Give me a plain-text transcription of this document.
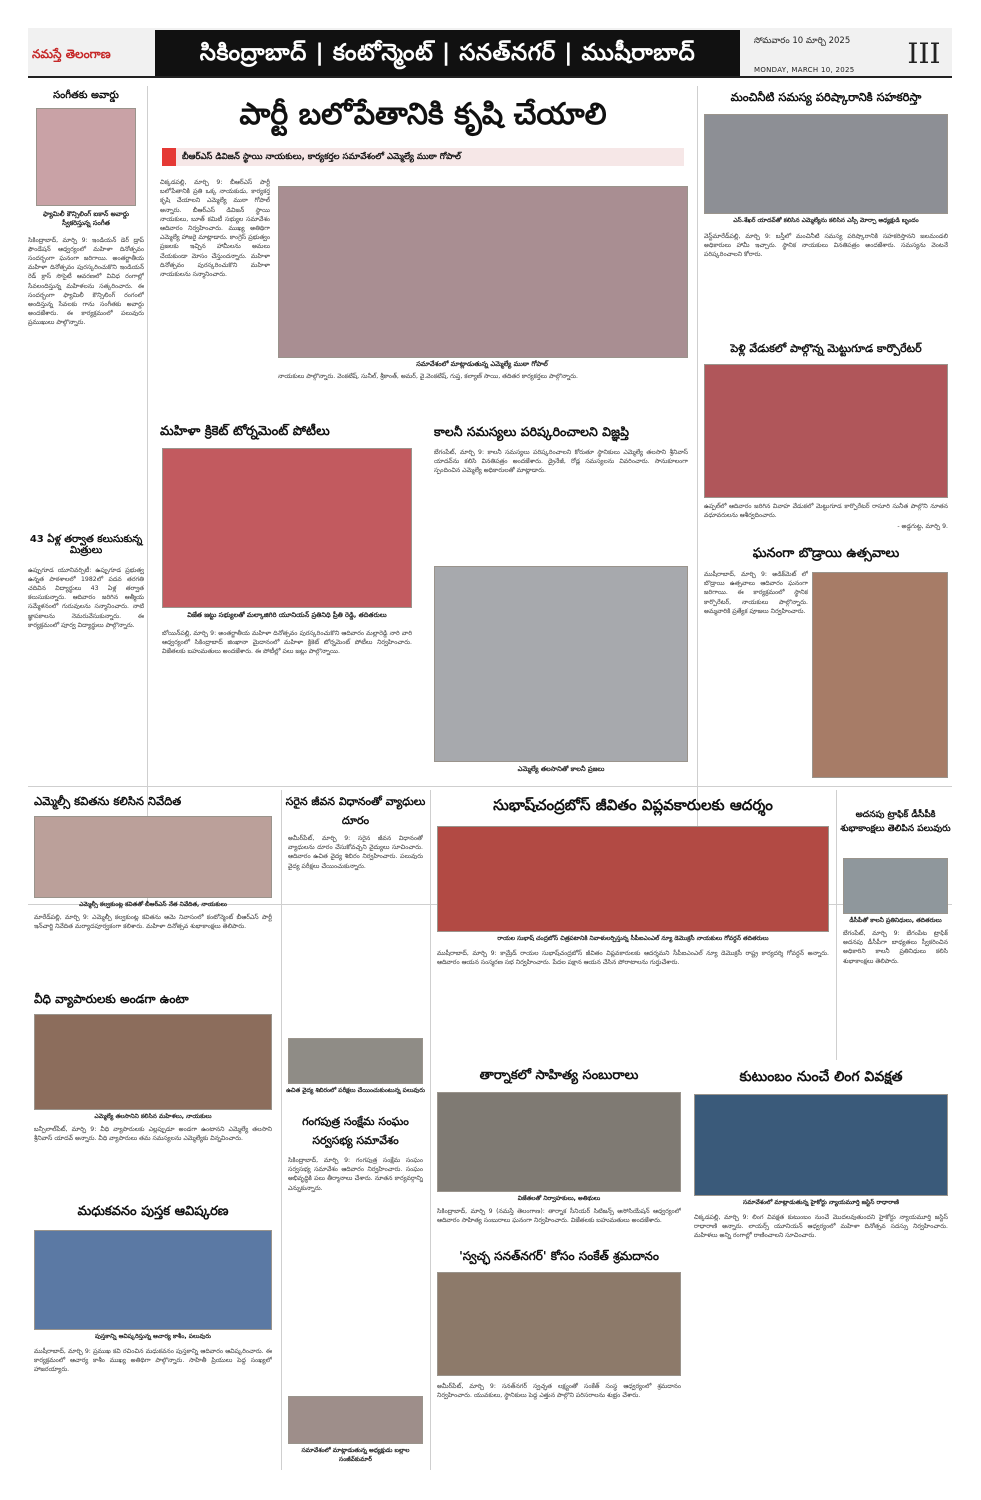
నమస్తే తెలంగాణ	సికింద్రాబాద్ | కంటోన్మెంట్ | సనత్‌నగర్ | ముషీరాబాద్	సోమవారం 10 మార్చి 2025
MONDAY, MARCH 10, 2025	III
సంగీతకు అవార్డు
ఫ్యామిలీ కౌన్సిలింగ్ ఐకాన్ అవార్డు స్వీకరిస్తున్న సంగీత
సికింద్రాబాద్, మార్చి 9: ఇండియన్ డెర్ డ్రాప్ ఫౌండేషన్ ఆధ్వర్యంలో మహిళా దినోత్సవం సందర్భంగా ఘనంగా జరిగాయి. అంతర్జాతీయ మహిళా దినోత్సవం పురస్కరించుకొని ఇండియన్ రెడ్ క్రాస్ సొసైటీ ఆవరణలో వివిధ రంగాల్లో సేవలందిస్తున్న మహిళలను సత్కరించారు. ఈ సందర్భంగా ఫ్యామిలీ కౌన్సిలింగ్ రంగంలో అందిస్తున్న సేవలకు గాను సంగీతకు అవార్డు అందజేశారు. ఈ కార్యక్రమంలో పలువురు ప్రముఖులు పాల్గొన్నారు.
43 ఏళ్ల తర్వాత కలుసుకున్న మిత్రులు
ఉప్పుగూడ యూనివర్సిటీ: ఉప్పుగూడ ప్రభుత్వ ఉన్నత పాఠశాలలో 1982లో పదవ తరగతి చదివిన విద్యార్థులు 43 ఏళ్ల తర్వాత కలుసుకున్నారు. ఆదివారం జరిగిన ఆత్మీయ సమ్మేళనంలో గురువులను సన్మానించారు. నాటి జ్ఞాపకాలను నెమరువేసుకున్నారు. ఈ కార్యక్రమంలో పూర్వ విద్యార్థులు పాల్గొన్నారు.
పార్టీ బలోపేతానికి కృషి చేయాలి
బీఆర్‌ఎస్ డివిజన్ స్థాయి నాయకులు, కార్యకర్తల సమావేశంలో ఎమ్మెల్యే ముఠా గోపాల్
చిక్కడపల్లి, మార్చి 9: బీఆర్‌ఎస్ పార్టీ బలోపేతానికి ప్రతి ఒక్క నాయకుడు, కార్యకర్త కృషి చేయాలని ఎమ్మెల్యే ముఠా గోపాల్ అన్నారు. బీఆర్‌ఎస్ డివిజన్ స్థాయి నాయకులు, బూత్ కమిటీ సభ్యుల సమావేశం ఆదివారం నిర్వహించారు. ముఖ్య అతిథిగా ఎమ్మెల్యే హాజరై మాట్లాడారు. కాంగ్రెస్ ప్రభుత్వం ప్రజలకు ఇచ్చిన హామీలను అమలు చేయకుండా మోసం చేస్తుందన్నారు. మహిళా దినోత్సవం పురస్కరించుకొని మహిళా నాయకులను సన్మానించారు.
సమావేశంలో మాట్లాడుతున్న ఎమ్మెల్యే ముఠా గోపాల్
నాయకులు పాల్గొన్నారు. వెంకటేష్, సునీల్, శ్రీకాంత్, అమర్, వై.వెంకటేష్, గుప్త, కల్యాణ్ సాయి, తదితర కార్యకర్తలు పాల్గొన్నారు.
మహిళా క్రికెట్ టోర్నమెంట్ పోటీలు
విజేత జట్టు సభ్యులతో మల్కాజిగిరి యూనియన్ ప్రతినిధి ప్రీతి రెడ్డి, తదితరులు
బోయిన్‌పల్లి, మార్చి 9: అంతర్జాతీయ మహిళా దినోత్సవం పురస్కరించుకొని ఆదివారం మల్లారెడ్డి నారి వారి ఆధ్వర్యంలో సికింద్రాబాద్ జింఖానా మైదానంలో మహిళా క్రికెట్ టోర్నమెంట్ పోటీలు నిర్వహించారు. విజేతలకు బహుమతులు అందజేశారు. ఈ పోటీల్లో పలు జట్లు పాల్గొన్నాయి.
కాలనీ సమస్యలు పరిష్కరించాలని విజ్ఞప్తి
బేగంపేట్, మార్చి 9: కాలనీ సమస్యలు పరిష్కరించాలని కోరుతూ స్థానికులు ఎమ్మెల్యే తలసాని శ్రీనివాస్ యాదవ్‌ను కలిసి వినతిపత్రం అందజేశారు. డ్రైనేజీ, రోడ్ల సమస్యలను వివరించారు. సానుకూలంగా స్పందించిన ఎమ్మెల్యే అధికారులతో మాట్లాడారు.
ఎమ్మెల్యే తలసానితో కాలనీ ప్రజలు
మంచినీటి సమస్య పరిష్కారానికి సహకరిస్తా
ఎస్.శేఖర్ యాదవ్‌తో కలిసిన ఎమ్మెల్యేను కలిసిన ఎస్సీ మోర్చా అధ్యక్షుడి బృందం
వెస్ట్‌మారేడ్‌పల్లి, మార్చి 9: బస్తీలో మంచినీటి సమస్య పరిష్కారానికి సహకరిస్తానని జలమండలి అధికారులు హామీ ఇచ్చారు. స్థానిక నాయకులు వినతిపత్రం అందజేశారు. సమస్యను వెంటనే పరిష్కరించాలని కోరారు.
పెళ్లి వేడుకలో పాల్గొన్న మెట్టుగూడ కార్పొరేటర్
ఉప్పల్‌లో ఆదివారం జరిగిన వివాహ వేడుకలో మెట్టుగూడ కార్పొరేటర్ రాసూరి సునీత పాల్గొని నూతన వధూవరులను ఆశీర్వదించారు.
- అడ్డగుట్ట, మార్చి 9.
ఘనంగా బొడ్రాయి ఉత్సవాలు
ముషీరాబాద్, మార్చి 9: అడిక్‌మెట్ లో బొడ్రాయి ఉత్సవాలు ఆదివారం ఘనంగా జరిగాయి. ఈ కార్యక్రమంలో స్థానిక కార్పొరేటర్, నాయకులు పాల్గొన్నారు. అమ్మవారికి ప్రత్యేక పూజలు నిర్వహించారు.
ఎమ్మెల్సీ కవితను కలిసిన నివేదిత
ఎమ్మెల్సీ కల్వకుంట్ల కవితతో బీఆర్‌ఎస్ నేత నివేదిత, నాయకులు
మారేడ్‌పల్లి, మార్చి 9: ఎమ్మెల్సీ కల్వకుంట్ల కవితను ఆమె నివాసంలో కంటోన్మెంట్ బీఆర్‌ఎస్ పార్టీ ఇన్‌చార్జి నివేదిత మర్యాదపూర్వకంగా కలిశారు. మహిళా దినోత్సవ శుభాకాంక్షలు తెలిపారు.
వీధి వ్యాపారులకు అండగా ఉంటా
ఎమ్మెల్యే తలసానిని కలిసిన మహిళలు, నాయకులు
బన్సీలాల్‌పేట్, మార్చి 9: వీధి వ్యాపారులకు ఎల్లప్పుడూ అండగా ఉంటానని ఎమ్మెల్యే తలసాని శ్రీనివాస్ యాదవ్ అన్నారు. వీధి వ్యాపారులు తమ సమస్యలను ఎమ్మెల్యేకు విన్నవించారు.
మధుకవనం పుస్తక ఆవిష్కరణ
పుస్తకాన్ని ఆవిష్కరిస్తున్న ఆచార్య కాశీం, పలువురు
ముషీరాబాద్, మార్చి 9: ప్రముఖ కవి రచించిన మధుకవనం పుస్తకాన్ని ఆదివారం ఆవిష్కరించారు. ఈ కార్యక్రమంలో ఆచార్య కాశీం ముఖ్య అతిథిగా పాల్గొన్నారు. సాహితీ ప్రియులు పెద్ద సంఖ్యలో హాజరయ్యారు.
సరైన జీవన విధానంతో వ్యాధులు దూరం
అమీర్‌పేట్, మార్చి 9: సరైన జీవన విధానంతో వ్యాధులను దూరం చేసుకోవచ్చని వైద్యులు సూచించారు. ఆదివారం ఉచిత వైద్య శిబిరం నిర్వహించారు. పలువురు వైద్య పరీక్షలు చేయించుకున్నారు.
ఉచిత వైద్య శిబిరంలో పరీక్షలు చేయించుకుంటున్న పలువురు
గంగపుత్ర సంక్షేమ సంఘం సర్వసభ్య సమావేశం
సికింద్రాబాద్, మార్చి 9: గంగపుత్ర సంక్షేమ సంఘం సర్వసభ్య సమావేశం ఆదివారం నిర్వహించారు. సంఘం అభివృద్ధికి పలు తీర్మానాలు చేశారు. నూతన కార్యవర్గాన్ని ఎన్నుకున్నారు.
సమావేశంలో మాట్లాడుతున్న అధ్యక్షుడు బల్లాల సంజీవ్‌కుమార్
సుభాష్‌చంద్రబోస్ జీవితం విప్లవకారులకు ఆదర్శం
రాయల సుభాష్ చంద్రబోస్ చిత్రపటానికి నివాళులర్పిస్తున్న సీపీఐఎంఎల్ న్యూ డెమొక్రసీ నాయకులు గోవర్ధన్ తదితరులు
ముషీరాబాద్, మార్చి 9: కామ్రేడ్ రాయల సుభాష్‌చంద్రబోస్ జీవితం విప్లవకారులకు ఆదర్శమని సీపీఐఎంఎల్ న్యూ డెమొక్రసీ రాష్ట్ర కార్యదర్శి గోవర్ధన్ అన్నారు. ఆదివారం ఆయన సంస్మరణ సభ నిర్వహించారు. పేదల పక్షాన ఆయన చేసిన పోరాటాలను గుర్తుచేశారు.
అదనపు ట్రాఫిక్ డీసీపీకి శుభాకాంక్షలు తెలిపిన పలువురు
డీసీపీతో కాలనీ ప్రతినిధులు, తదితరులు
బేగంపేట్, మార్చి 9: బేగంపేట ట్రాఫిక్ అదనపు డీసీపీగా బాధ్యతలు స్వీకరించిన అధికారిని కాలనీ ప్రతినిధులు కలిసి శుభాకాంక్షలు తెలిపారు.
తార్నాకలో సాహిత్య సంబురాలు
విజేతలతో నిర్వాహకులు, అతిథులు
సికింద్రాబాద్, మార్చి 9 (నమస్తే తెలంగాణ): తార్నాక సీనియర్ సిటిజన్స్ అసోసియేషన్ ఆధ్వర్యంలో ఆదివారం సాహిత్య సంబురాలు ఘనంగా నిర్వహించారు. విజేతలకు బహుమతులు అందజేశారు.
కుటుంబం నుంచే లింగ వివక్షత
సమావేశంలో మాట్లాడుతున్న హైకోర్టు న్యాయమూర్తి జస్టిస్ రాధారాణి
చిక్కడపల్లి, మార్చి 9: లింగ వివక్షత కుటుంబం నుంచే మొదలవుతుందని హైకోర్టు న్యాయమూర్తి జస్టిస్ రాధారాణి అన్నారు. లాయర్స్ యూనియన్ ఆధ్వర్యంలో మహిళా దినోత్సవ సదస్సు నిర్వహించారు. మహిళలు అన్ని రంగాల్లో రాణించాలని సూచించారు.
'స్వచ్ఛ సనత్‌నగర్' కోసం సంకేత్ శ్రమదానం
అమీర్‌పేట్, మార్చి 9: సనత్‌నగర్ స్వచ్ఛత లక్ష్యంతో సంకేత్ సంస్థ ఆధ్వర్యంలో శ్రమదానం నిర్వహించారు. యువకులు, స్థానికులు పెద్ద ఎత్తున పాల్గొని పరిసరాలను శుభ్రం చేశారు.
